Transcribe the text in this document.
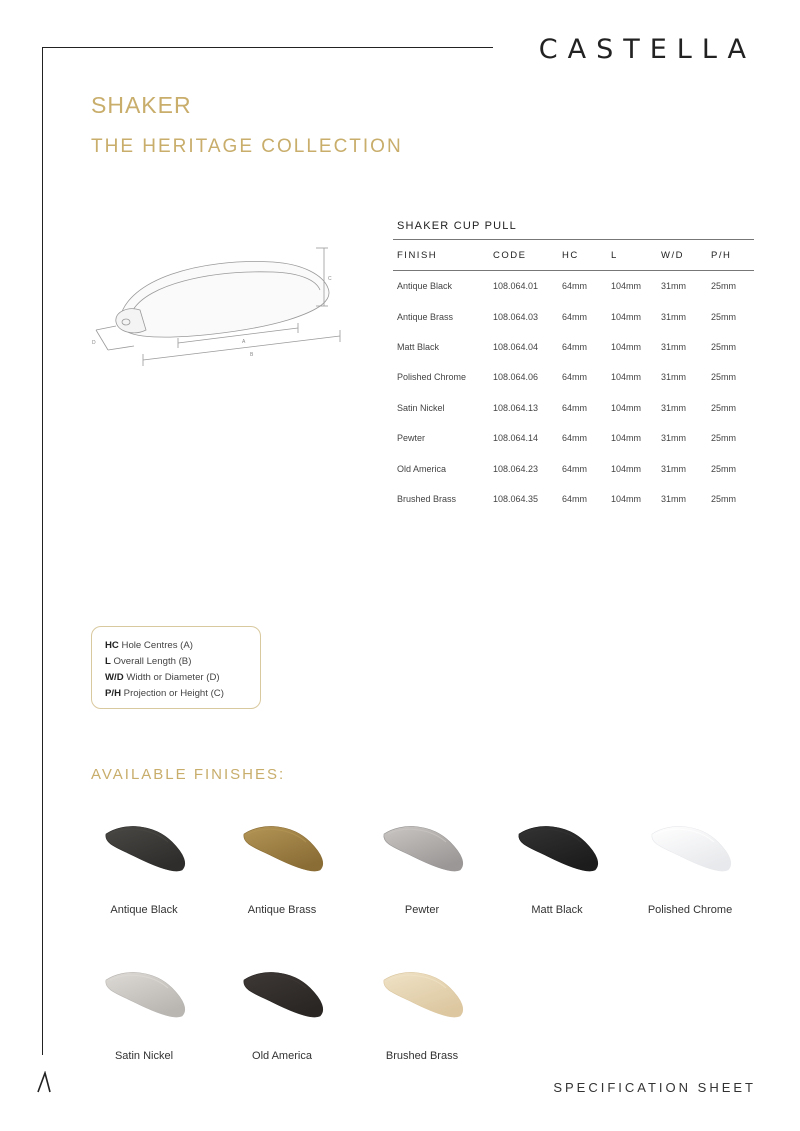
CASTELLA
SHAKER
THE HERITAGE COLLECTION
C
A
B
D
SHAKER CUP PULL
FINISH	CODE	HC	L	W/D	P/H
Antique Black	108.064.01	64mm	104mm	31mm	25mm
Antique Brass	108.064.03	64mm	104mm	31mm	25mm
Matt Black	108.064.04	64mm	104mm	31mm	25mm
Polished Chrome	108.064.06	64mm	104mm	31mm	25mm
Satin Nickel	108.064.13	64mm	104mm	31mm	25mm
Pewter	108.064.14	64mm	104mm	31mm	25mm
Old America	108.064.23	64mm	104mm	31mm	25mm
Brushed Brass	108.064.35	64mm	104mm	31mm	25mm
HC Hole Centres (A)
L Overall Length (B)
W/D Width or Diameter (D)
P/H Projection or Height (C)
AVAILABLE FINISHES:
Antique Black	Antique Brass	Pewter	Matt Black	Polished Chrome
Satin Nickel	Old America	Brushed Brass
SPECIFICATION SHEET
